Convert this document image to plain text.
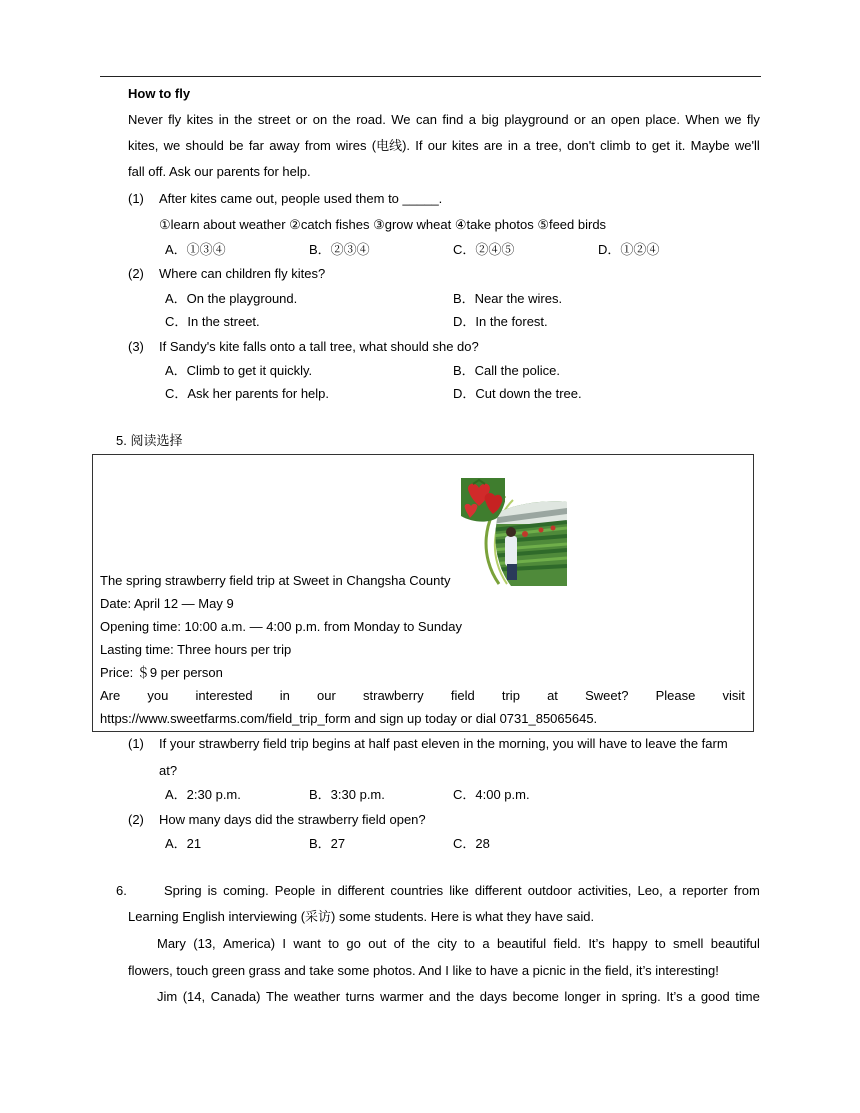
How to fly
Never fly kites in the street or on the road. We can find a big playground or an open place. When we fly
kites, we should be far away from wires (电线). If our kites are in a tree, don't climb to get it. Maybe we'll
fall off. Ask our parents for help.
(1) After kites came out, people used them to _____.
①learn about weather ②catch fishes ③grow wheat ④take photos ⑤feed birds
A．①③④	B．②③④	C．②④⑤	D．①②④
(2) Where can children fly kites?
A．On the playground.	B．Near the wires.
C．In the street.	D．In the forest.
(3) If Sandy's kite falls onto a tall tree, what should she do?
A．Climb to get it quickly.	B．Call the police.
C．Ask her parents for help.	D．Cut down the tree.
5. 阅读选择
The spring strawberry field trip at Sweet in Changsha County
Date: April 12 — May 9
Opening time: 10:00 a.m. — 4:00 p.m. from Monday to Sunday
Lasting time: Three hours per trip
Price: ＄9 per person
Are you interested in our strawberry field trip at Sweet? Please visit
https://www.sweetfarms.com/field_trip_form and sign up today or dial 0731_85065645.
(1) If your strawberry field trip begins at half past eleven in the morning, you will have to leave the farm
at?
A．2:30 p.m.	B．3:30 p.m.	C．4:00 p.m.
(2) How many days did the strawberry field open?
A．21	B．27	C．28
6.	Spring is coming. People in different countries like different outdoor activities, Leo, a reporter from
Learning English interviewing (采访) some students. Here is what they have said.
Mary (13, America) I want to go out of the city to a beautiful field. It’s happy to smell beautiful
flowers, touch green grass and take some photos. And I like to have a picnic in the field, it’s interesting!
Jim (14, Canada) The weather turns warmer and the days become longer in spring. It’s a good time
